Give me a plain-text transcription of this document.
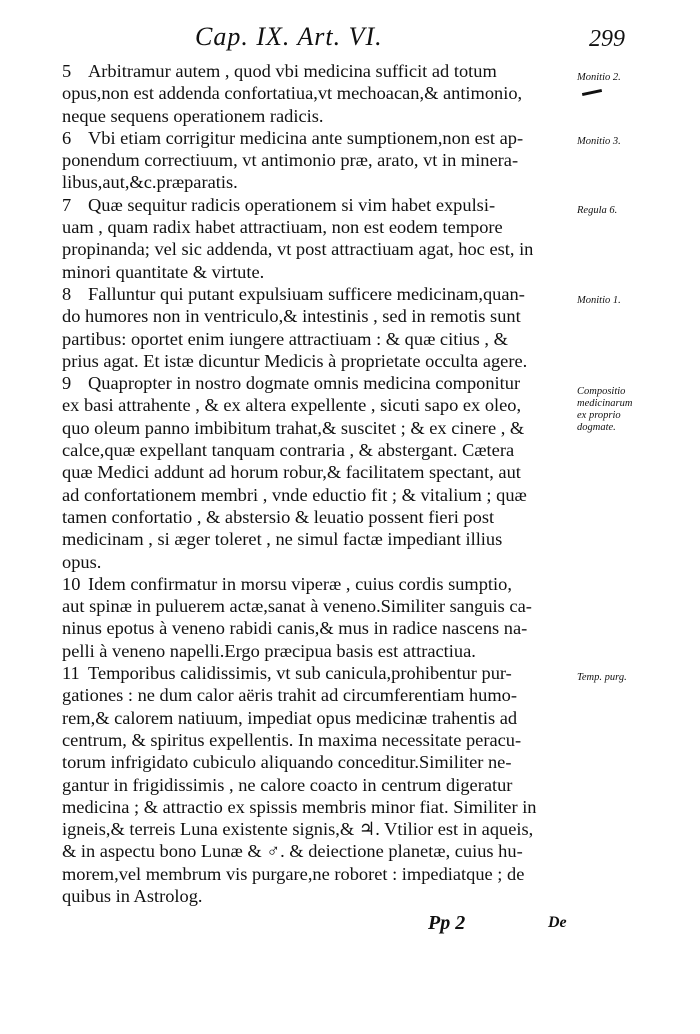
Cap. IX. Art. VI.	299
5 Arbitramur autem , quod vbi medicina sufficit ad totum
opus,non est addenda confortatiua,vt mechoacan,& antimonio,
neque sequens operationem radicis.
6 Vbi etiam corrigitur medicina ante sumptionem,non est ap-
ponendum correctiuum, vt antimonio præ, arato, vt in minera-
libus,aut,&c.præparatis.
7 Quæ sequitur radicis operationem si vim habet expulsi-
uam , quam radix habet attractiuam, non est eodem tempore
propinanda; vel sic addenda, vt post attractiuam agat, hoc est, in
minori quantitate & virtute.
8 Falluntur qui putant expulsiuam sufficere medicinam,quan-
do humores non in ventriculo,& intestinis , sed in remotis sunt
partibus: oportet enim iungere attractiuam : & quæ citius , &
prius agat. Et istæ dicuntur Medicis à proprietate occulta agere.
9 Quapropter in nostro dogmate omnis medicina componitur
ex basi attrahente , & ex altera expellente , sicuti sapo ex oleo,
quo oleum panno imbibitum trahat,& suscitet ; & ex cinere , &
calce,quæ expellant tanquam contraria , & abstergant. Cætera
quæ Medici addunt ad horum robur,& facilitatem spectant, aut
ad confortationem membri , vnde eductio fit ; & vitalium ; quæ
tamen confortatio , & abstersio & leuatio possent fieri post
medicinam , si æger toleret , ne simul factæ impediant illius
opus.
10 Idem confirmatur in morsu viperæ , cuius cordis sumptio,
aut spinæ in puluerem actæ,sanat à veneno.Similiter sanguis ca-
ninus epotus à veneno rabidi canis,& mus in radice nascens na-
pelli à veneno napelli.Ergo præcipua basis est attractiua.
11 Temporibus calidissimis, vt sub canicula,prohibentur pur-
gationes : ne dum calor aëris trahit ad circumferentiam humo-
rem,& calorem natiuum, impediat opus medicinæ trahentis ad
centrum, & spiritus expellentis. In maxima necessitate peracu-
torum infrigidato cubiculo aliquando conceditur.Similiter ne-
gantur in frigidissimis , ne calore coacto in centrum digeratur
medicina ; & attractio ex spissis membris minor fiat. Similiter in
igneis,& terreis Luna existente signis,& ♃. Vtilior est in aqueis,
& in aspectu bono Lunæ & ♂. & deiectione planetæ, cuius hu-
morem,vel membrum vis purgare,ne roboret : impediatque ; de
quibus in Astrolog.
Monitio 2.
Monitio 3.
Regula 6.
Monitio 1.
Compositio
medicinarum
ex proprio
dogmate.
Temp. purg.
Pp 2	De
